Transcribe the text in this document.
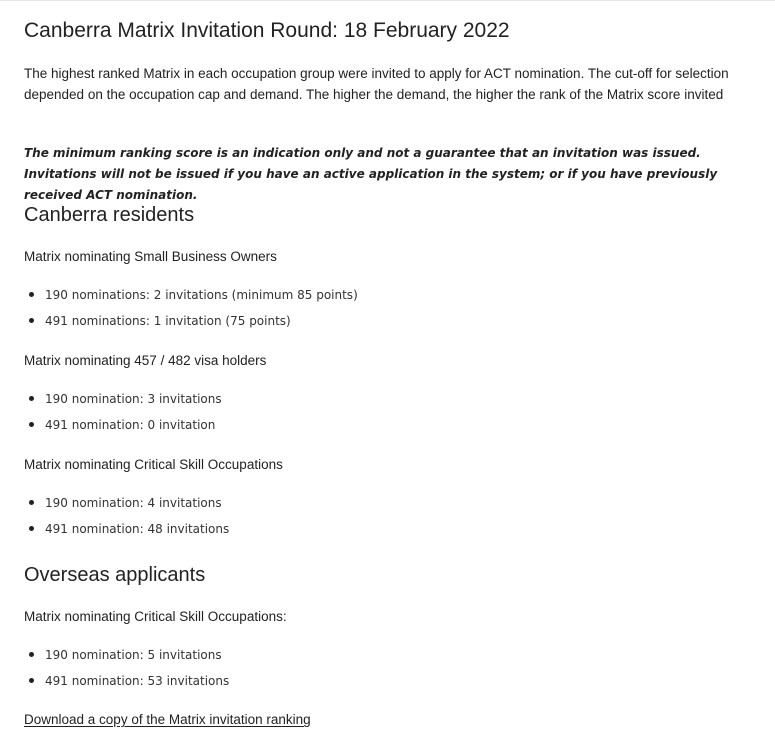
Canberra Matrix Invitation Round: 18 February 2022

The highest ranked Matrix in each occupation group were invited to apply for ACT nomination. The cut-off for selection depended on the occupation cap and demand. The higher the demand, the higher the rank of the Matrix score invited

The minimum ranking score is an indication only and not a guarantee that an invitation was issued. Invitations will not be issued if you have an active application in the system; or if you have previously received ACT nomination.

Canberra residents

Matrix nominating Small Business Owners

190 nominations: 2 invitations (minimum 85 points)
491 nominations: 1 invitation (75 points)

Matrix nominating 457 / 482 visa holders

190 nomination: 3 invitations
491 nomination: 0 invitation

Matrix nominating Critical Skill Occupations

190 nomination: 4 invitations
491 nomination: 48 invitations
Overseas applicants

Matrix nominating Critical Skill Occupations:

190 nomination: 5 invitations
491 nomination: 53 invitations
Download a copy of the Matrix invitation ranking
